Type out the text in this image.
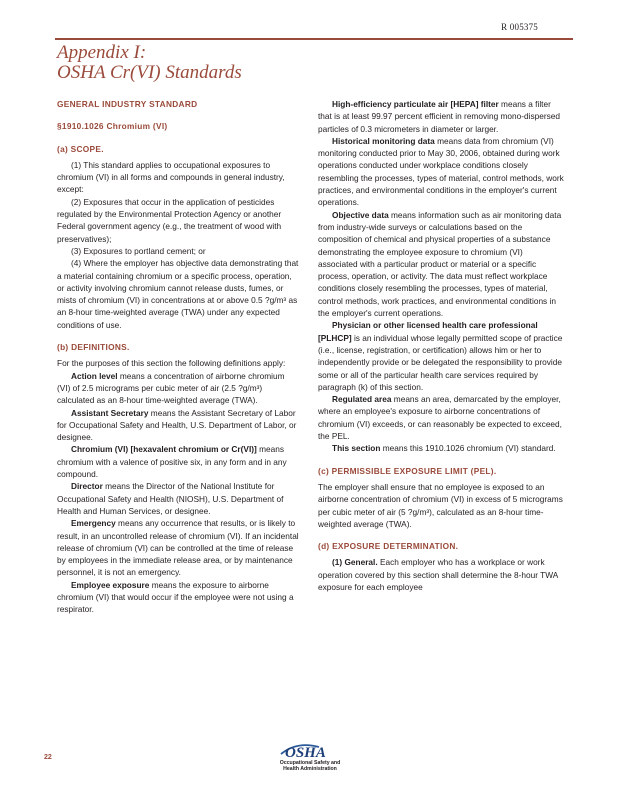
R 005375
Appendix I:
OSHA Cr(VI) Standards

GENERAL INDUSTRY STANDARD

§1910.1026 Chromium (VI)

(a) SCOPE.

(1) This standard applies to occupational exposures to chromium (VI) in all forms and compounds in general industry, except:

(2) Exposures that occur in the application of pesticides regulated by the Environmental Protection Agency or another Federal government agency (e.g., the treatment of wood with preservatives);

(3) Exposures to portland cement; or

(4) Where the employer has objective data demonstrating that a material containing chromium or a specific process, operation, or activity involving chromium cannot release dusts, fumes, or mists of chromium (VI) in concentrations at or above 0.5 ?g/m³ as an 8-hour time-weighted average (TWA) under any expected conditions of use.

(b) DEFINITIONS.

For the purposes of this section the following definitions apply:

Action level means a concentration of airborne chromium (VI) of 2.5 micrograms per cubic meter of air (2.5 ?g/m³) calculated as an 8-hour time-weighted average (TWA).

Assistant Secretary means the Assistant Secretary of Labor for Occupational Safety and Health, U.S. Department of Labor, or designee.

Chromium (VI) [hexavalent chromium or Cr(VI)] means chromium with a valence of positive six, in any form and in any compound.

Director means the Director of the National Institute for Occupational Safety and Health (NIOSH), U.S. Department of Health and Human Services, or designee.

Emergency means any occurrence that results, or is likely to result, in an uncontrolled release of chromium (VI). If an incidental release of chromium (VI) can be controlled at the time of release by employees in the immediate release area, or by maintenance personnel, it is not an emergency.

Employee exposure means the exposure to airborne chromium (VI) that would occur if the employee were not using a respirator.

High-efficiency particulate air [HEPA] filter means a filter that is at least 99.97 percent efficient in removing mono-dispersed particles of 0.3 micrometers in diameter or larger.

Historical monitoring data means data from chromium (VI) monitoring conducted prior to May 30, 2006, obtained during work operations conducted under workplace conditions closely resembling the processes, types of material, control methods, work practices, and environmental conditions in the employer's current operations.

Objective data means information such as air monitoring data from industry-wide surveys or calculations based on the composition of chemical and physical properties of a substance demonstrating the employee exposure to chromium (VI) associated with a particular product or material or a specific process, operation, or activity. The data must reflect workplace conditions closely resembling the processes, types of material, control methods, work practices, and environmental conditions in the employer's current operations.

Physician or other licensed health care professional [PLHCP] is an individual whose legally permitted scope of practice (i.e., license, registration, or certification) allows him or her to independently provide or be delegated the responsibility to provide some or all of the particular health care services required by paragraph (k) of this section.

Regulated area means an area, demarcated by the employer, where an employee's exposure to airborne concentrations of chromium (VI) exceeds, or can reasonably be expected to exceed, the PEL.

This section means this 1910.1026 chromium (VI) standard.

(c) PERMISSIBLE EXPOSURE LIMIT (PEL).

The employer shall ensure that no employee is exposed to an airborne concentration of chromium (VI) in excess of 5 micrograms per cubic meter of air (5 ?g/m³), calculated as an 8-hour time-weighted average (TWA).

(d) EXPOSURE DETERMINATION.

(1) General. Each employer who has a workplace or work operation covered by this section shall determine the 8-hour TWA exposure for each employee

22	OSHA
Occupational Safety and
Health Administration
